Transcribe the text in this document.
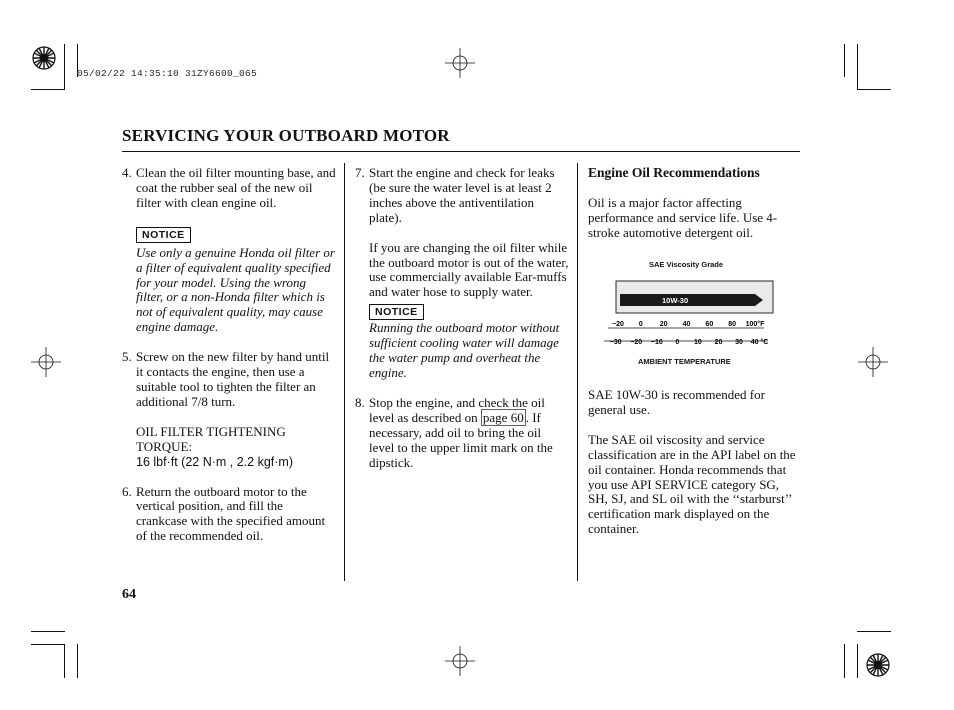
05/02/22 14:35:10 31ZY6600_065
SERVICING YOUR OUTBOARD MOTOR
4. Clean the oil filter mounting base, and coat the rubber seal of the new oil filter with clean engine oil.

NOTICE

Use only a genuine Honda oil filter or a filter of equivalent quality specified for your model. Using the wrong filter, or a non-Honda filter which is not of equivalent quality, may cause engine damage.

5. Screw on the new filter by hand until it contacts the engine, then use a suitable tool to tighten the filter an additional 7/8 turn.

OIL FILTER TIGHTENING TORQUE:

16 lbf·ft (22 N·m , 2.2 kgf·m)

6. Return the outboard motor to the vertical position, and fill the crankcase with the specified amount of the recommended oil.

7. Start the engine and check for leaks (be sure the water level is at least 2 inches above the antiventilation plate).

If you are changing the oil filter while the outboard motor is out of the water, use commercially available Ear-muffs and water hose to supply water.

NOTICE

Running the outboard motor without sufficient cooling water will damage the water pump and overheat the engine.

8. Stop the engine, and check the oil level as described on page 60 . If necessary, add oil to bring the oil level to the upper limit mark on the dipstick.

Engine Oil Recommendations

Oil is a major factor affecting performance and service life. Use 4-stroke automotive detergent oil.

SAE Viscosity Grade
10W-30
−20 0 20 40 60 80 100°F
−30 −20 −10 0 10 20 30 40 °C
AMBIENT TEMPERATURE

SAE 10W-30 is recommended for general use.

The SAE oil viscosity and service classification are in the API label on the oil container. Honda recommends that you use API SERVICE category SG, SH, SJ, and SL oil with the ‘‘starburst’’ certification mark displayed on the container.

64
